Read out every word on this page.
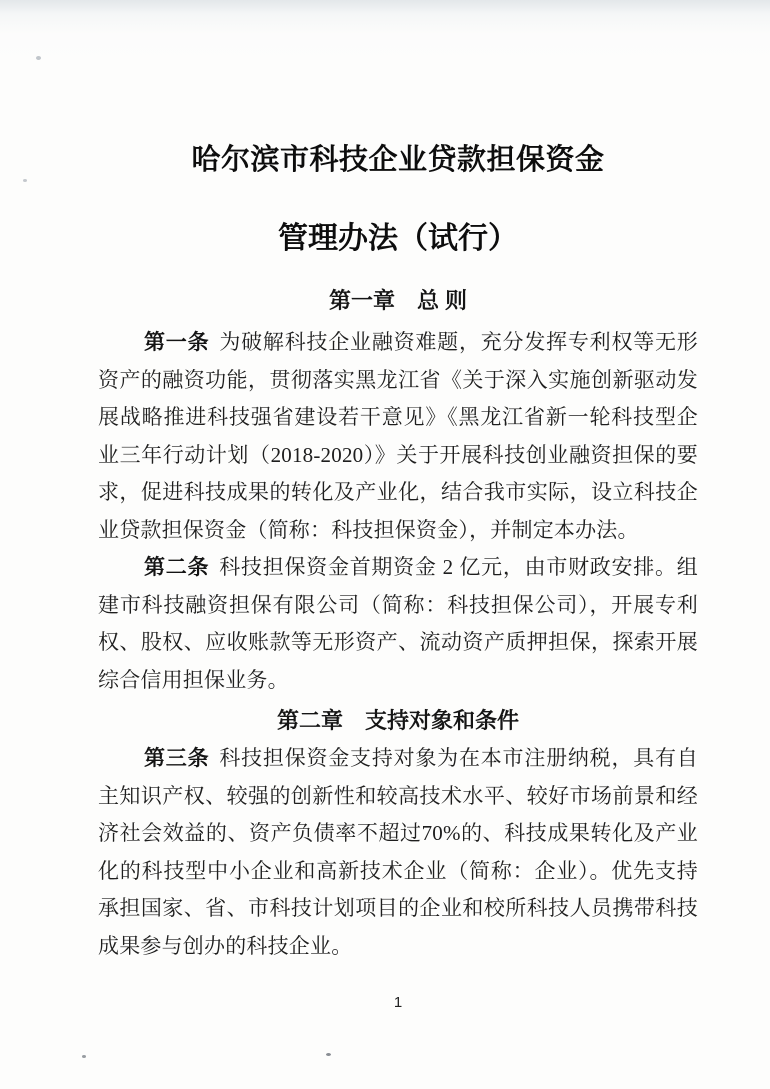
哈尔滨市科技企业贷款担保资金
管理办法（试行）
第一章　总 则
第一条 为破解科技企业融资难题，充分发挥专利权等无形
资产的融资功能，贯彻落实黑龙江省《关于深入实施创新驱动发
展战略推进科技强省建设若干意见》《黑龙江省新一轮科技型企
业三年行动计划（2018-2020）》关于开展科技创业融资担保的要
求，促进科技成果的转化及产业化，结合我市实际，设立科技企
业贷款担保资金（简称：科技担保资金），并制定本办法。
第二条 科技担保资金首期资金 2 亿元，由市财政安排。组
建市科技融资担保有限公司（简称：科技担保公司），开展专利
权、股权、应收账款等无形资产、流动资产质押担保，探索开展
综合信用担保业务。
第二章　支持对象和条件
第三条 科技担保资金支持对象为在本市注册纳税，具有自
主知识产权、较强的创新性和较高技术水平、较好市场前景和经
济社会效益的、资产负债率不超过70%的、科技成果转化及产业
化的科技型中小企业和高新技术企业（简称：企业）。优先支持
承担国家、省、市科技计划项目的企业和校所科技人员携带科技
成果参与创办的科技企业。
1
